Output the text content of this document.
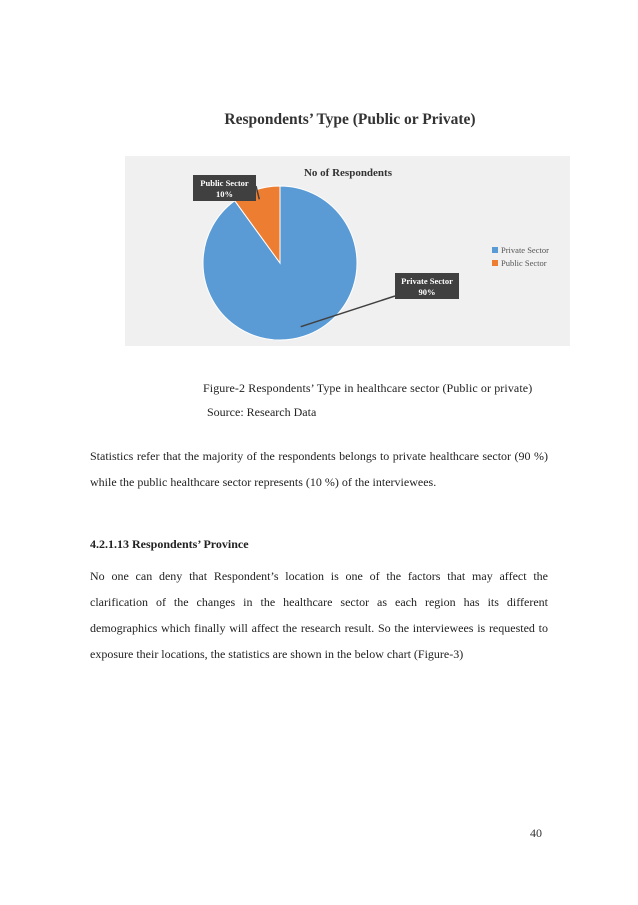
Respondents’ Type (Public or Private)
No of Respondents
Private Sector
90%
Public Sector
10%
Private Sector
Public Sector
Figure-2 Respondents’ Type in healthcare sector (Public or private)
Source: Research Data
Statistics refer that the majority of the respondents belongs to private healthcare sector (90 %) while the public healthcare sector represents (10 %) of the interviewees.
4.2.1.13 Respondents’ Province
No one can deny that Respondent’s location is one of the factors that may affect the clarification of the changes in the healthcare sector as each region has its different demographics which finally will affect the research result. So the interviewees is requested to exposure their locations, the statistics are shown in the below chart (Figure-3)
40
